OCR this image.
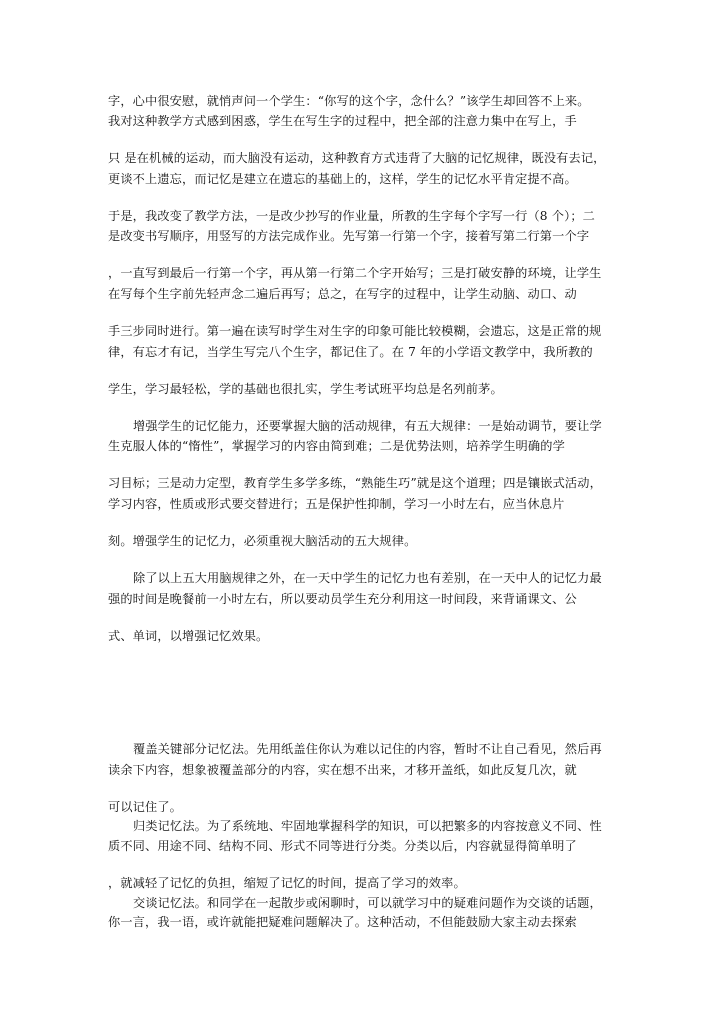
字，心中很安慰，就悄声问一个学生：“你写的这个字，念什么？”该学生却回答不上来。
我对这种教学方式感到困惑，学生在写生字的过程中，把全部的注意力集中在写上，手
只 是在机械的运动，而大脑没有运动，这种教育方式违背了大脑的记忆规律，既没有去记，
更谈不上遗忘，而记忆是建立在遗忘的基础上的，这样，学生的记忆水平肯定提不高。
于是，我改变了教学方法，一是改少抄写的作业量，所教的生字每个字写一行（8 个）；二
是改变书写顺序，用竖写的方法完成作业。先写第一行第一个字，接着写第二行第一个字
，一直写到最后一行第一个字，再从第一行第二个字开始写；三是打破安静的环境，让学生
在写每个生字前先轻声念二遍后再写；总之，在写字的过程中，让学生动脑、动口、动
手三步同时进行。第一遍在读写时学生对生字的印象可能比较模糊，会遗忘，这是正常的规
律，有忘才有记，当学生写完八个生字，都记住了。在 7 年的小学语文教学中，我所教的
学生，学习最轻松，学的基础也很扎实，学生考试班平均总是名列前茅。
增强学生的记忆能力，还要掌握大脑的活动规律，有五大规律：一是始动调节，要让学
生克服人体的“惰性”，掌握学习的内容由简到难；二是优势法则，培养学生明确的学
习目标；三是动力定型，教育学生多学多练，“熟能生巧”就是这个道理；四是镶嵌式活动，
学习内容，性质或形式要交替进行；五是保护性抑制，学习一小时左右，应当休息片
刻。增强学生的记忆力，必须重视大脑活动的五大规律。
除了以上五大用脑规律之外，在一天中学生的记忆力也有差别，在一天中人的记忆力最
强的时间是晚餐前一小时左右，所以要动员学生充分利用这一时间段，来背诵课文、公
式、单词，以增强记忆效果。
覆盖关键部分记忆法。先用纸盖住你认为难以记住的内容，暂时不让自己看见，然后再
读余下内容，想象被覆盖部分的内容，实在想不出来，才移开盖纸，如此反复几次，就
可以记住了。
归类记忆法。为了系统地、牢固地掌握科学的知识，可以把繁多的内容按意义不同、性
质不同、用途不同、结构不同、形式不同等进行分类。分类以后，内容就显得简单明了
，就减轻了记忆的负担，缩短了记忆的时间，提高了学习的效率。
交谈记忆法。和同学在一起散步或闲聊时，可以就学习中的疑难问题作为交谈的话题，
你一言，我一语，或许就能把疑难问题解决了。这种活动，不但能鼓励大家主动去探索
